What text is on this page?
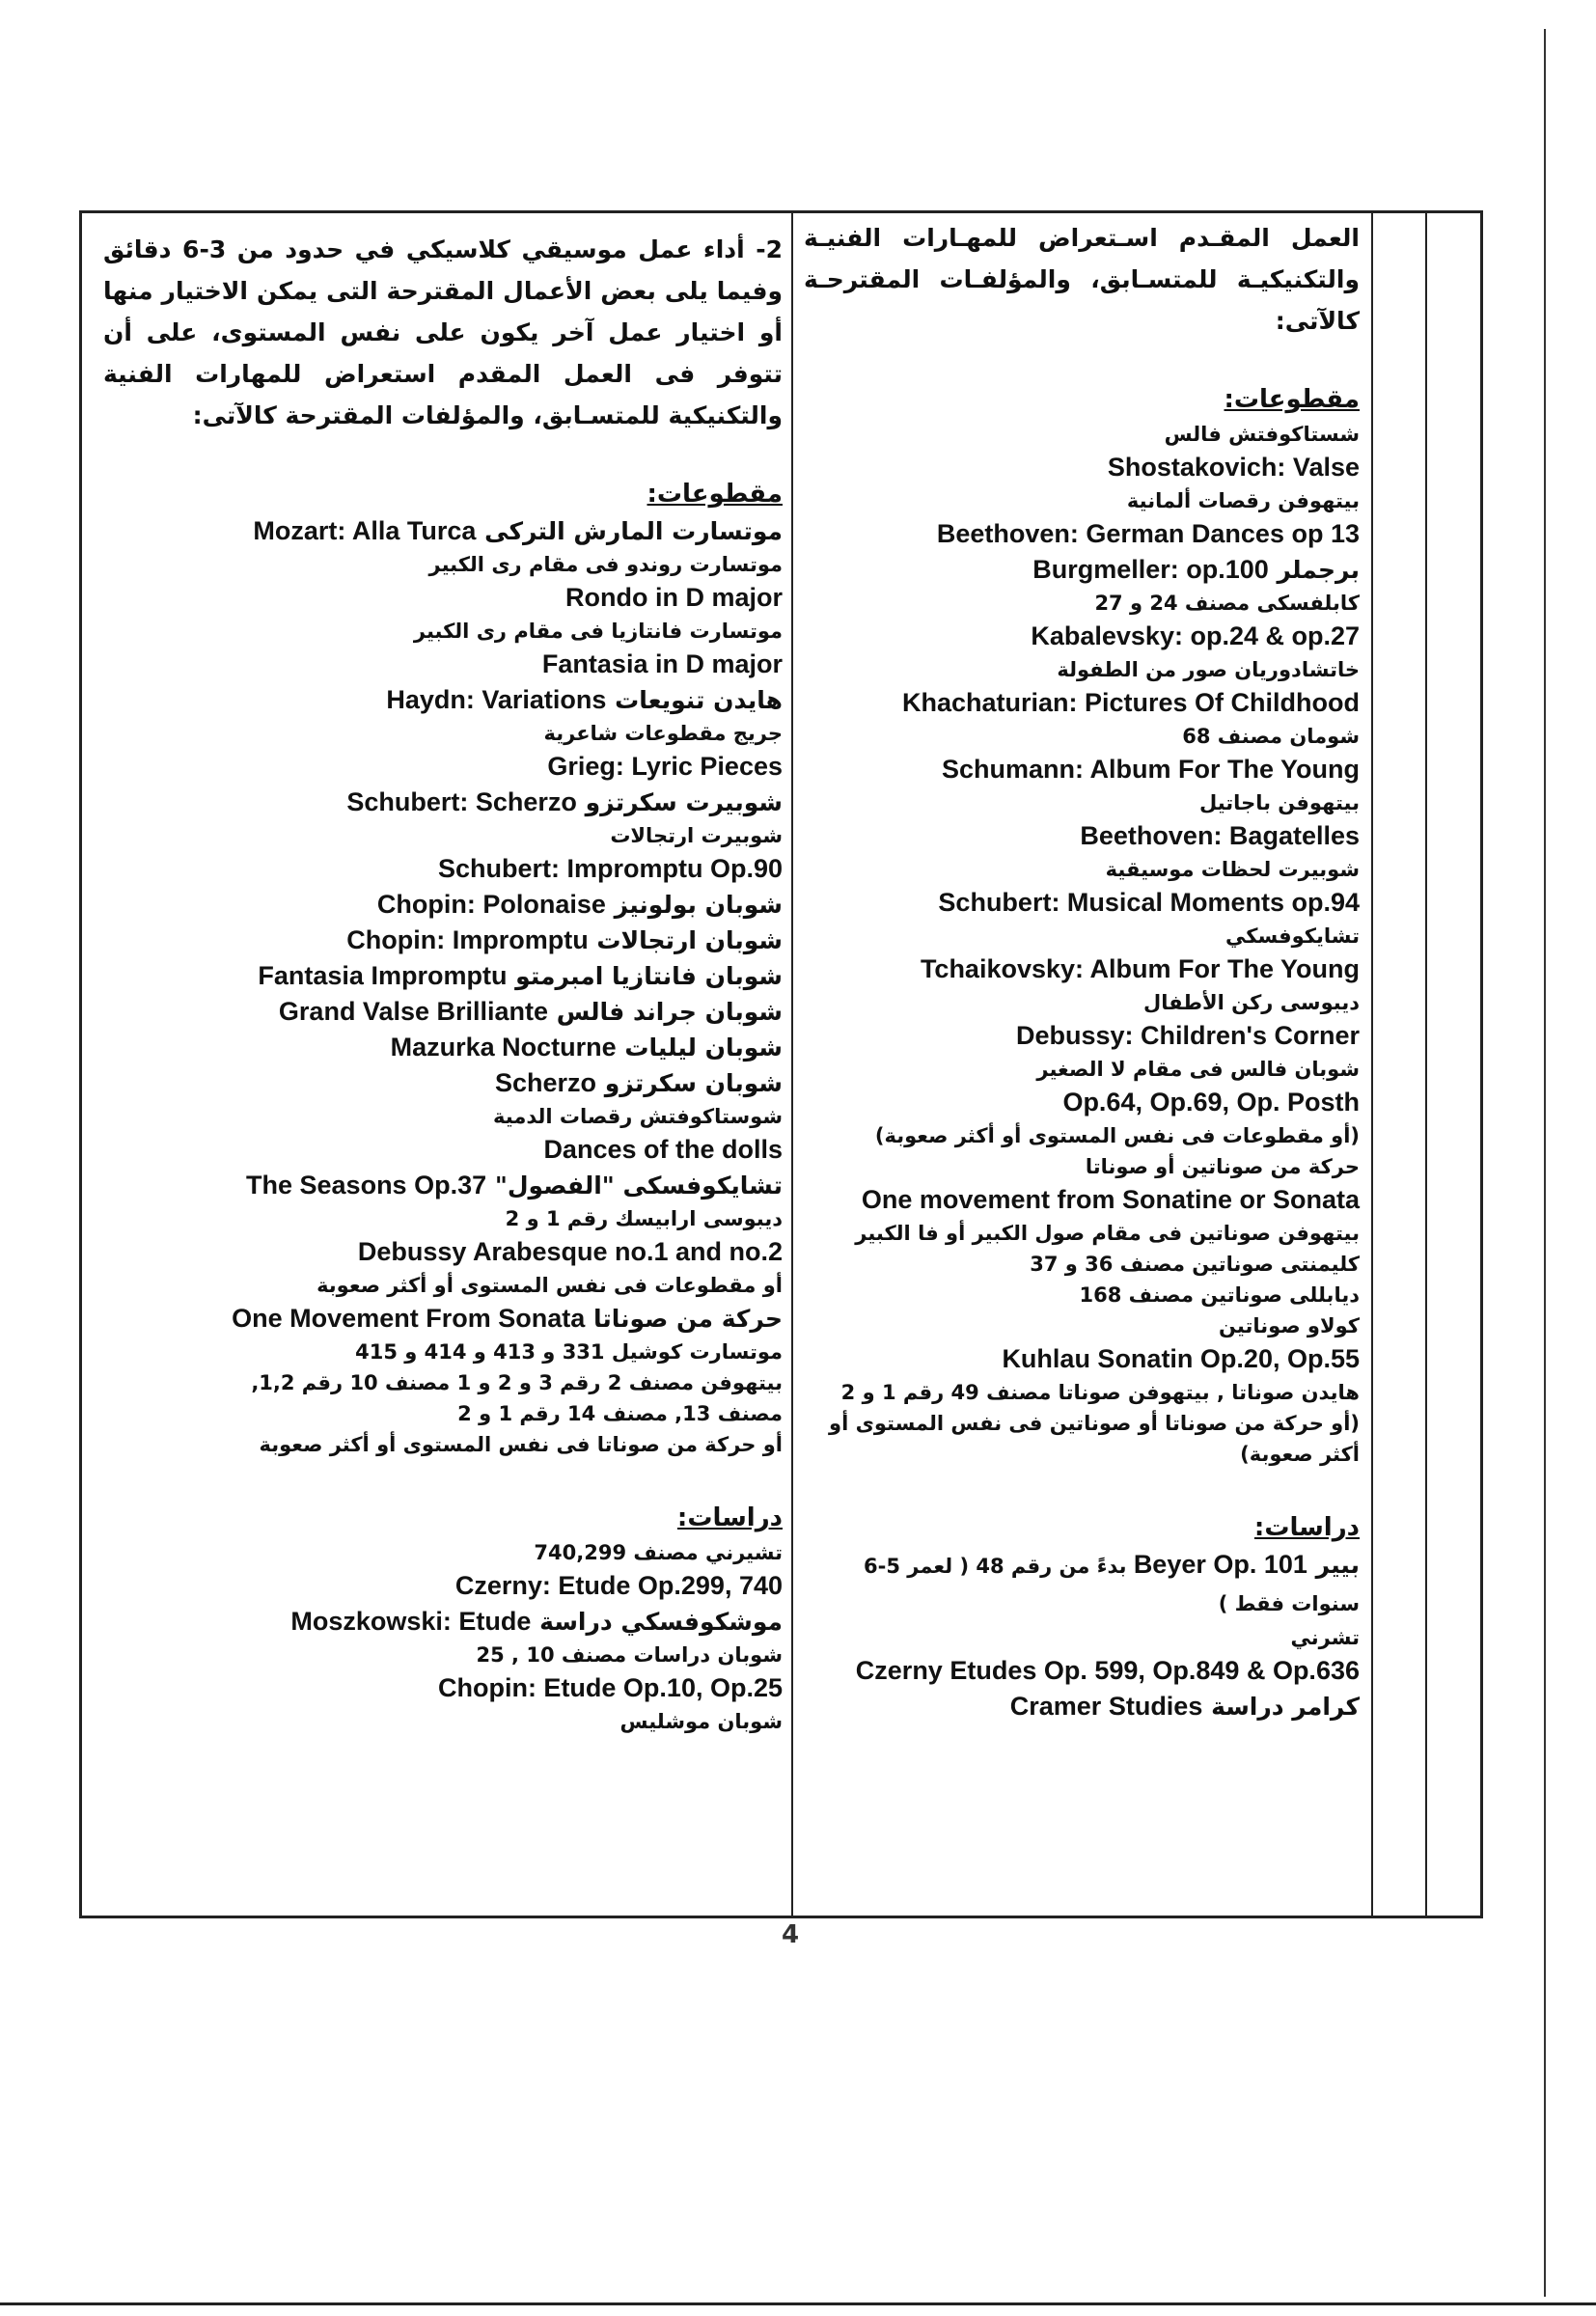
2- أداء عمل موسيقي كلاسيكي في حدود من 3-6 دقائق وفيما يلى بعض الأعمال المقترحة التى يمكن الاختيار منها أو اختيار عمل آخر يكون على نفس المستوى، على أن تتوفر فى العمل المقدم استعراض للمهارات الفنية والتكنيكية للمتسـابق، والمؤلفات المقترحة كالآتى:

مقطوعات:
موتسارت المارش التركى Mozart: Alla Turca
موتسارت روندو فى مقام رى الكبير
Rondo in D major
موتسارت فانتازيا فى مقام رى الكبير
Fantasia in D major
هايدن تنويعات Haydn: Variations
جريج مقطوعات شاعرية
Grieg: Lyric Pieces
شوبيرت سكرتزو Schubert: Scherzo
شوبيرت ارتجالات
Schubert: Impromptu Op.90
شوبان بولونيز Chopin: Polonaise
شوبان ارتجالات Chopin: Impromptu
شوبان فانتازيا امبرمتو Fantasia Impromptu
شوبان جراند فالس Grand Valse Brilliante
شوبان ليليات Mazurka Nocturne
شوبان سكرتزو Scherzo
شوستاكوفتش رقصات الدمية
Dances of the dolls
تشايكوفسكى "الفصول" The Seasons Op.37
ديبوسى ارابيسك رقم 1 و 2
Debussy Arabesque no.1 and no.2
أو مقطوعات فى نفس المستوى أو أكثر صعوبة
حركة من صوناتا One Movement From Sonata
موتسارت كوشيل 331 و 413 و 414 و 415
بيتهوفن مصنف 2 رقم 3 و 2 و 1 مصنف 10 رقم 1,2,
مصنف 13, مصنف 14 رقم 1 و 2
أو حركة من صوناتا فى نفس المستوى أو أكثر صعوبة
دراسات:
تشيرني مصنف 740,299
Czerny: Etude Op.299, 740
موشكوفسكي دراسة Moszkowski: Etude
شوبان دراسات مصنف 10 , 25
Chopin: Etude Op.10, Op.25
شوبان موشليس

العمل المقـدم اسـتعراض للمهـارات الفنيـة والتكنيكيـة للمتسـابق، والمؤلفـات المقترحـة كالآتى:

مقطوعات:
شستاكوفتش فالس
Shostakovich: Valse
بيتهوفن رقصات ألمانية
Beethoven: German Dances op 13
برجملر Burgmeller: op.100
كابلفسكى مصنف 24 و 27
Kabalevsky: op.24 & op.27
خاتشادوريان صور من الطفولة
Khachaturian: Pictures Of Childhood
شومان مصنف 68
Schumann: Album For The Young
بيتهوفن باجاتيل
Beethoven: Bagatelles
شوبيرت لحظات موسيقية
Schubert: Musical Moments op.94
تشايكوفسكي
Tchaikovsky: Album For The Young
ديبوسى ركن الأطفال
Debussy: Children's Corner
شوبان فالس فى مقام لا الصغير
Op.64, Op.69, Op. Posth
(أو مقطوعات فى نفس المستوى أو أكثر صعوبة)
حركة من صوناتين أو صوناتا
One movement from Sonatine or Sonata
بيتهوفن صوناتين فى مقام صول الكبير أو فا الكبير
كليمنتى صوناتين مصنف 36 و 37
ديابللى صوناتين مصنف 168
كولاو صوناتين
Kuhlau Sonatin Op.20, Op.55
هايدن صوناتا , بيتهوفن صوناتا مصنف 49 رقم 1 و 2
(أو حركة من صوناتا أو صوناتين فى نفس المستوى أو أكثر صعوبة)
دراسات:
بيير Beyer Op. 101 بدءً من رقم 48 ( لعمر 5-6 سنوات فقط )
تشرني
Czerny Etudes Op. 599, Op.849 & Op.636
كرامر دراسة Cramer Studies
4
